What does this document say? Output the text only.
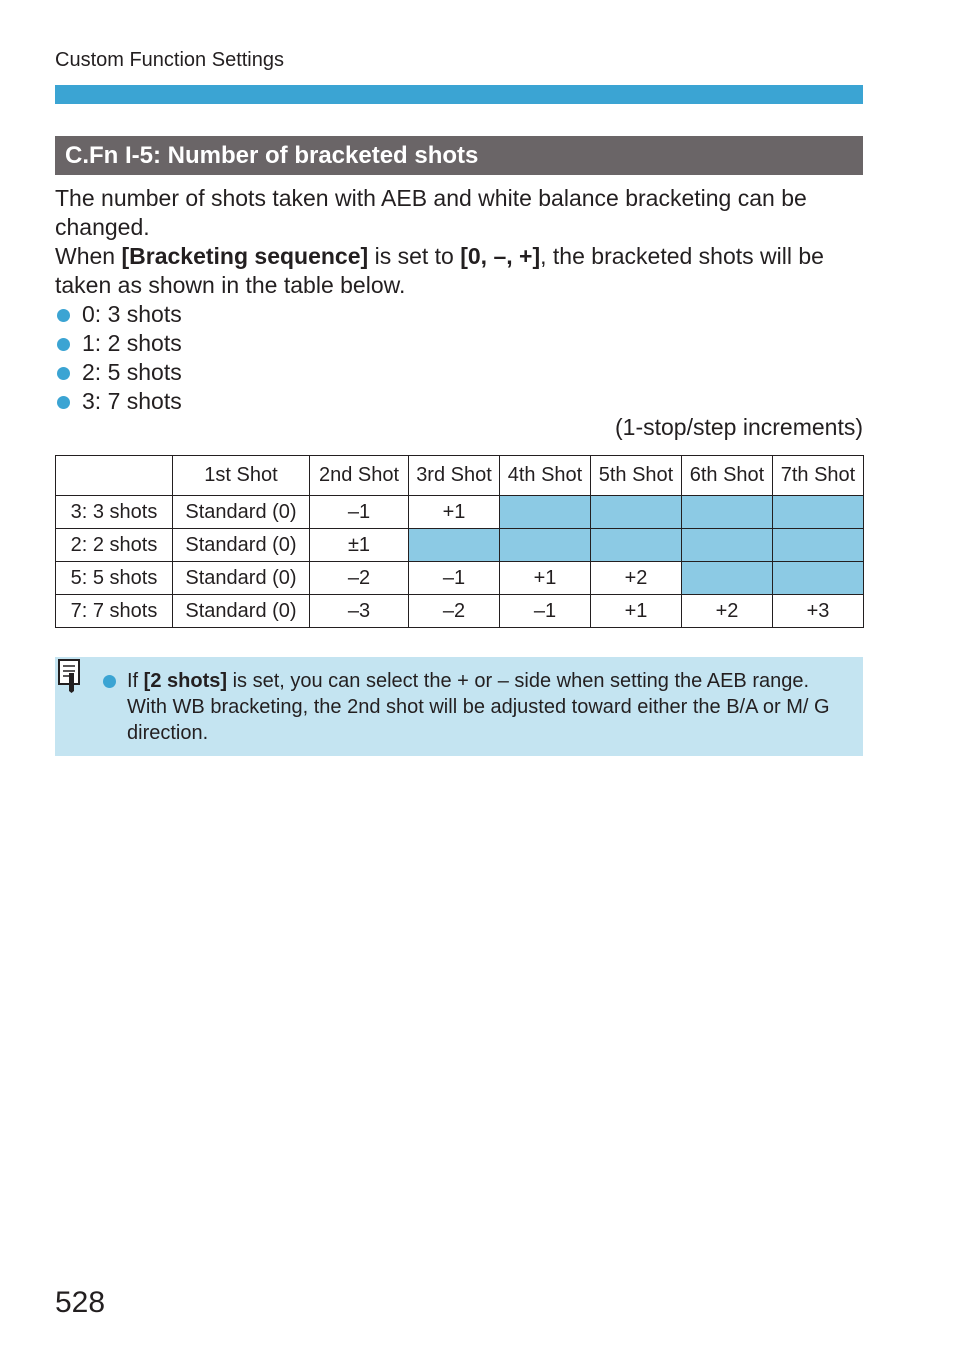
Custom Function Settings
C.Fn I-5: Number of bracketed shots

The number of shots taken with AEB and white balance bracketing can be changed.

When [Bracketing sequence] is set to [0, –, +], the bracketed shots will be taken as shown in the table below.

0: 3 shots
1: 2 shots
2: 5 shots
3: 7 shots
(1-stop/step increments)
	1st Shot	2nd Shot	3rd Shot	4th Shot	5th Shot	6th Shot	7th Shot
3: 3 shots	Standard (0)	–1	+1				
2: 2 shots	Standard (0)	±1					
5: 5 shots	Standard (0)	–2	–1	+1	+2		
7: 7 shots	Standard (0)	–3	–2	–1	+1	+2	+3
If [2 shots] is set, you can select the + or – side when setting the AEB range. With WB bracketing, the 2nd shot will be adjusted toward either the B/A or M/ G direction.
528
